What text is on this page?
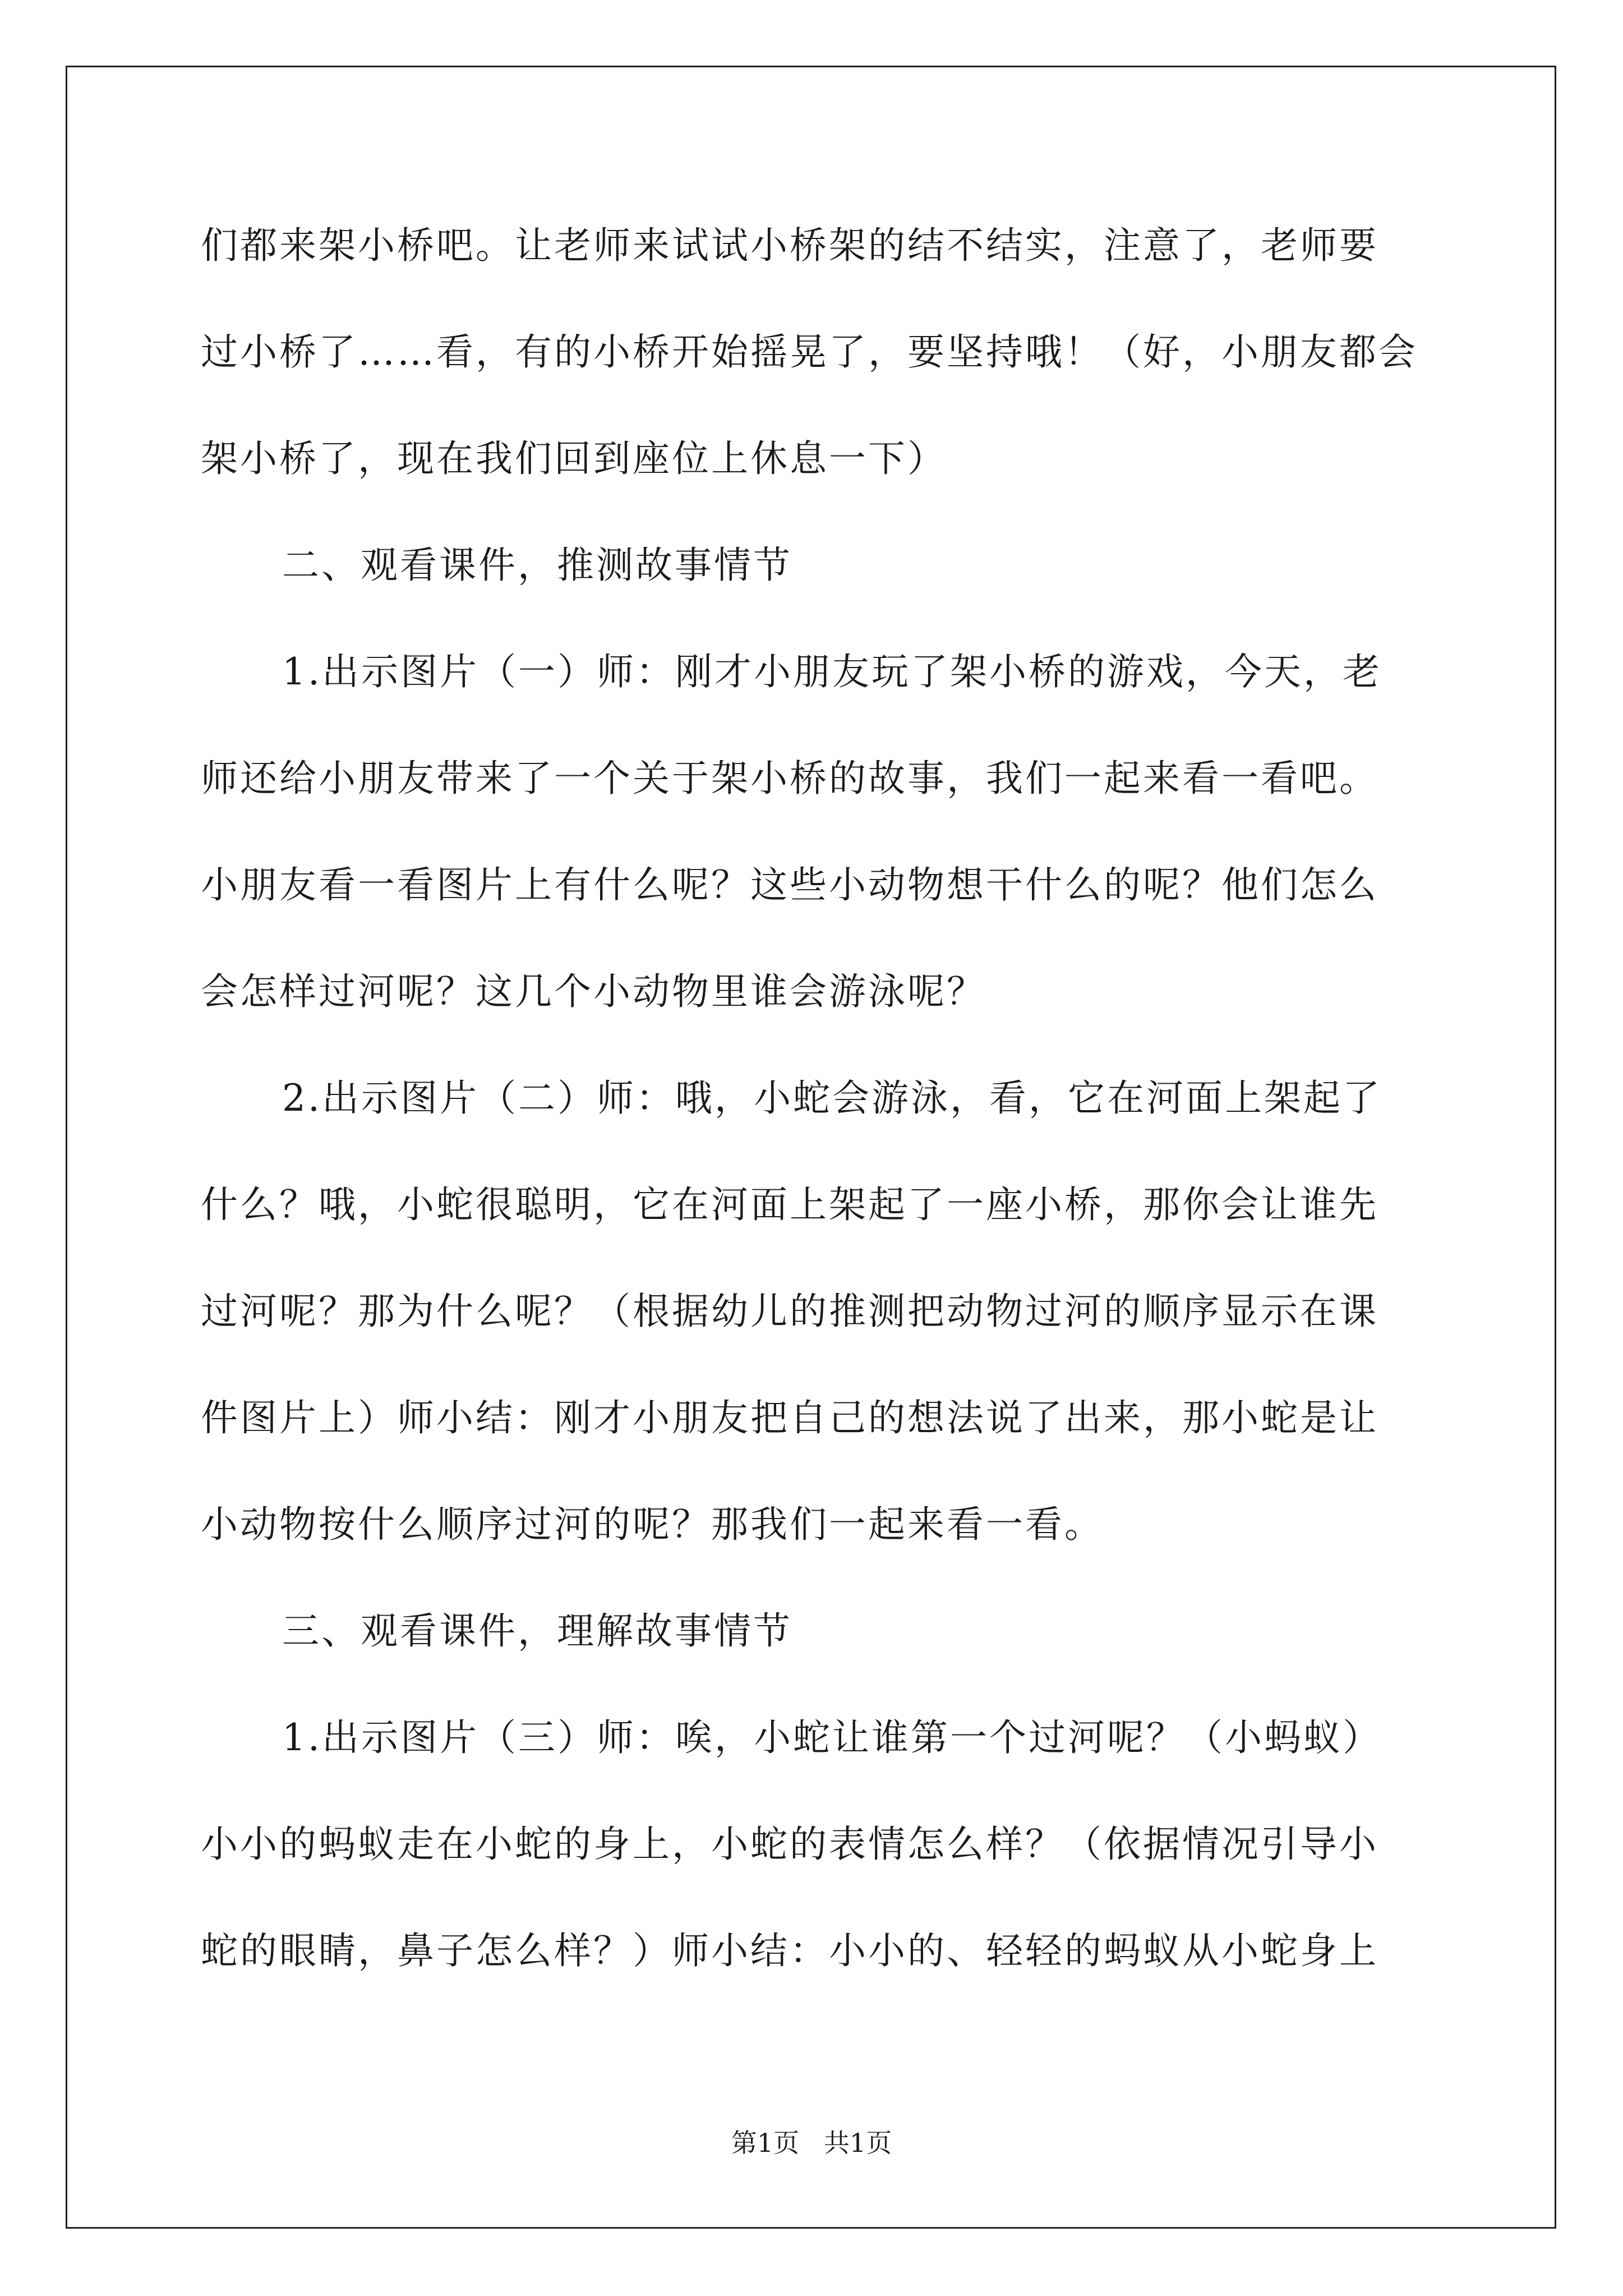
们都来架小桥吧。让老师来试试小桥架的结不结实，注意了，老师要
过小桥了……看，有的小桥开始摇晃了，要坚持哦！（好，小朋友都会
架小桥了，现在我们回到座位上休息一下）
二、观看课件，推测故事情节
1.出示图片（一）师：刚才小朋友玩了架小桥的游戏，今天，老
师还给小朋友带来了一个关于架小桥的故事，我们一起来看一看吧。
小朋友看一看图片上有什么呢？这些小动物想干什么的呢？他们怎么
会怎样过河呢？这几个小动物里谁会游泳呢？
2.出示图片（二）师：哦，小蛇会游泳，看，它在河面上架起了
什么？哦，小蛇很聪明，它在河面上架起了一座小桥，那你会让谁先
过河呢？那为什么呢？（根据幼儿的推测把动物过河的顺序显示在课
件图片上）师小结：刚才小朋友把自己的想法说了出来，那小蛇是让
小动物按什么顺序过河的呢？那我们一起来看一看。
三、观看课件，理解故事情节
1.出示图片（三）师：唉，小蛇让谁第一个过河呢？（小蚂蚁）
小小的蚂蚁走在小蛇的身上，小蛇的表情怎么样？（依据情况引导小
蛇的眼睛，鼻子怎么样？）师小结：小小的、轻轻的蚂蚁从小蛇身上
第1页   共1页
